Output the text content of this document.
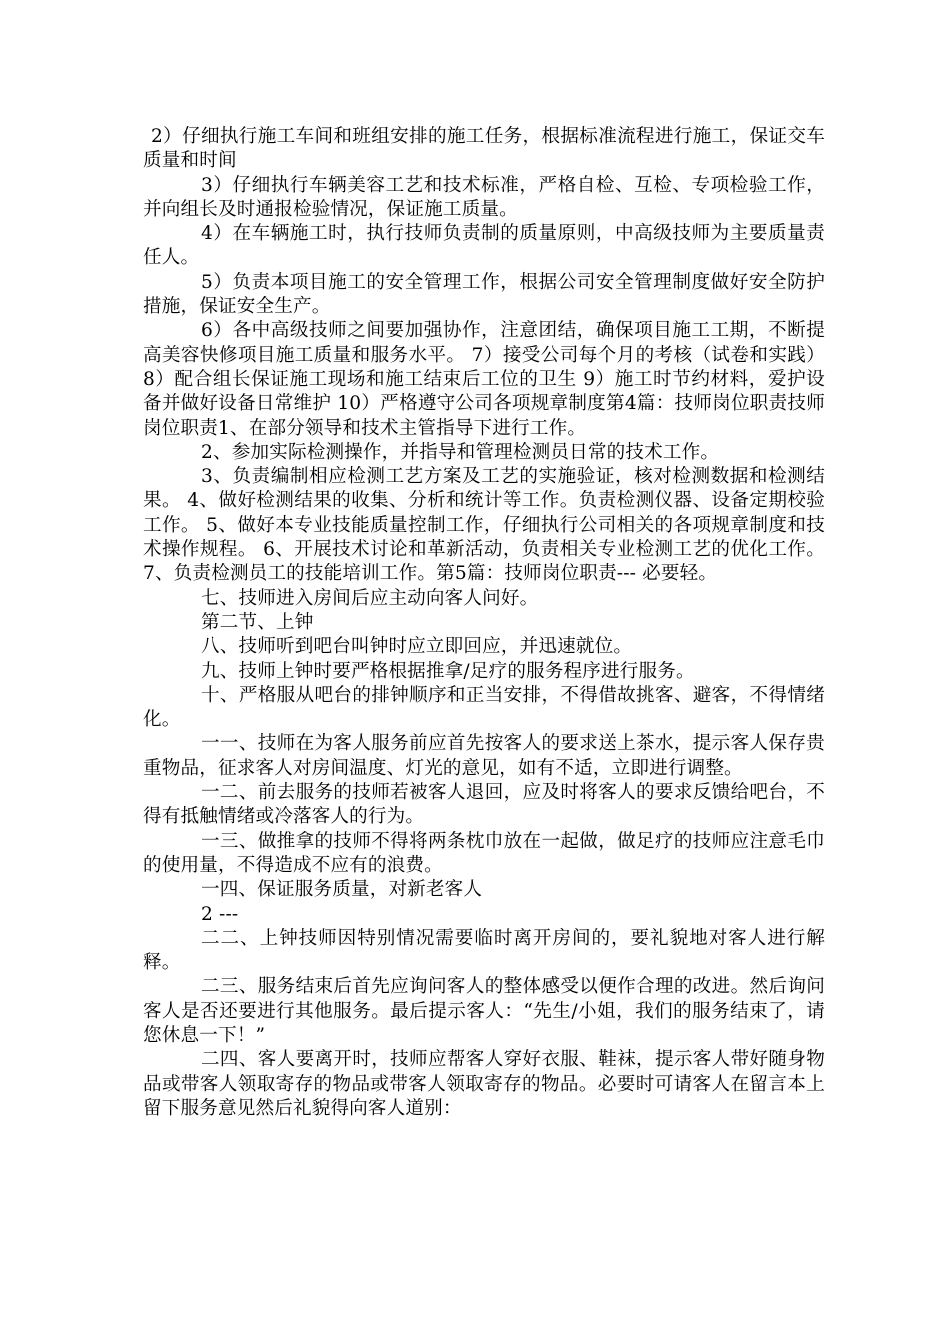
2）仔细执行施工车间和班组安排的施工任务，根据标准流程进行施工，保证交车质量和时间

3）仔细执行车辆美容工艺和技术标准，严格自检、互检、专项检验工作，并向组长及时通报检验情况，保证施工质量。

4）在车辆施工时，执行技师负责制的质量原则，中高级技师为主要质量责任人。

5）负责本项目施工的安全管理工作，根据公司安全管理制度做好安全防护措施，保证安全生产。

6）各中高级技师之间要加强协作，注意团结，确保项目施工工期，不断提高美容快修项目施工质量和服务水平。 7）接受公司每个月的考核（试卷和实践） 8）配合组长保证施工现场和施工结束后工位的卫生 9）施工时节约材料，爱护设备并做好设备日常维护 10）严格遵守公司各项规章制度第4篇：技师岗位职责技师岗位职责1、在部分领导和技术主管指导下进行工作。

2、参加实际检测操作，并指导和管理检测员日常的技术工作。

3、负责编制相应检测工艺方案及工艺的实施验证，核对检测数据和检测结果。 4、做好检测结果的收集、分析和统计等工作。负责检测仪器、设备定期校验工作。 5、做好本专业技能质量控制工作，仔细执行公司相关的各项规章制度和技术操作规程。 6、开展技术讨论和革新活动，负责相关专业检测工艺的优化工作。 7、负责检测员工的技能培训工作。第5篇：技师岗位职责--- 必要轻。

七、技师进入房间后应主动向客人问好。

第二节、上钟

八、技师听到吧台叫钟时应立即回应，并迅速就位。

九、技师上钟时要严格根据推拿/足疗的服务程序进行服务。

十、严格服从吧台的排钟顺序和正当安排，不得借故挑客、避客，不得情绪化。

一一、技师在为客人服务前应首先按客人的要求送上茶水，提示客人保存贵重物品，征求客人对房间温度、灯光的意见，如有不适，立即进行调整。

一二、前去服务的技师若被客人退回，应及时将客人的要求反馈给吧台，不得有抵触情绪或冷落客人的行为。

一三、做推拿的技师不得将两条枕巾放在一起做，做足疗的技师应注意毛巾的使用量，不得造成不应有的浪费。

一四、保证服务质量，对新老客人

2 ---

二二、上钟技师因特别情况需要临时离开房间的，要礼貌地对客人进行解释。

二三、服务结束后首先应询问客人的整体感受以便作合理的改进。然后询问客人是否还要进行其他服务。最后提示客人：“先生/小姐，我们的服务结束了，请您休息一下！”

二四、客人要离开时，技师应帮客人穿好衣服、鞋袜，提示客人带好随身物品或带客人领取寄存的物品或带客人领取寄存的物品。必要时可请客人在留言本上留下服务意见然后礼貌得向客人道别：
